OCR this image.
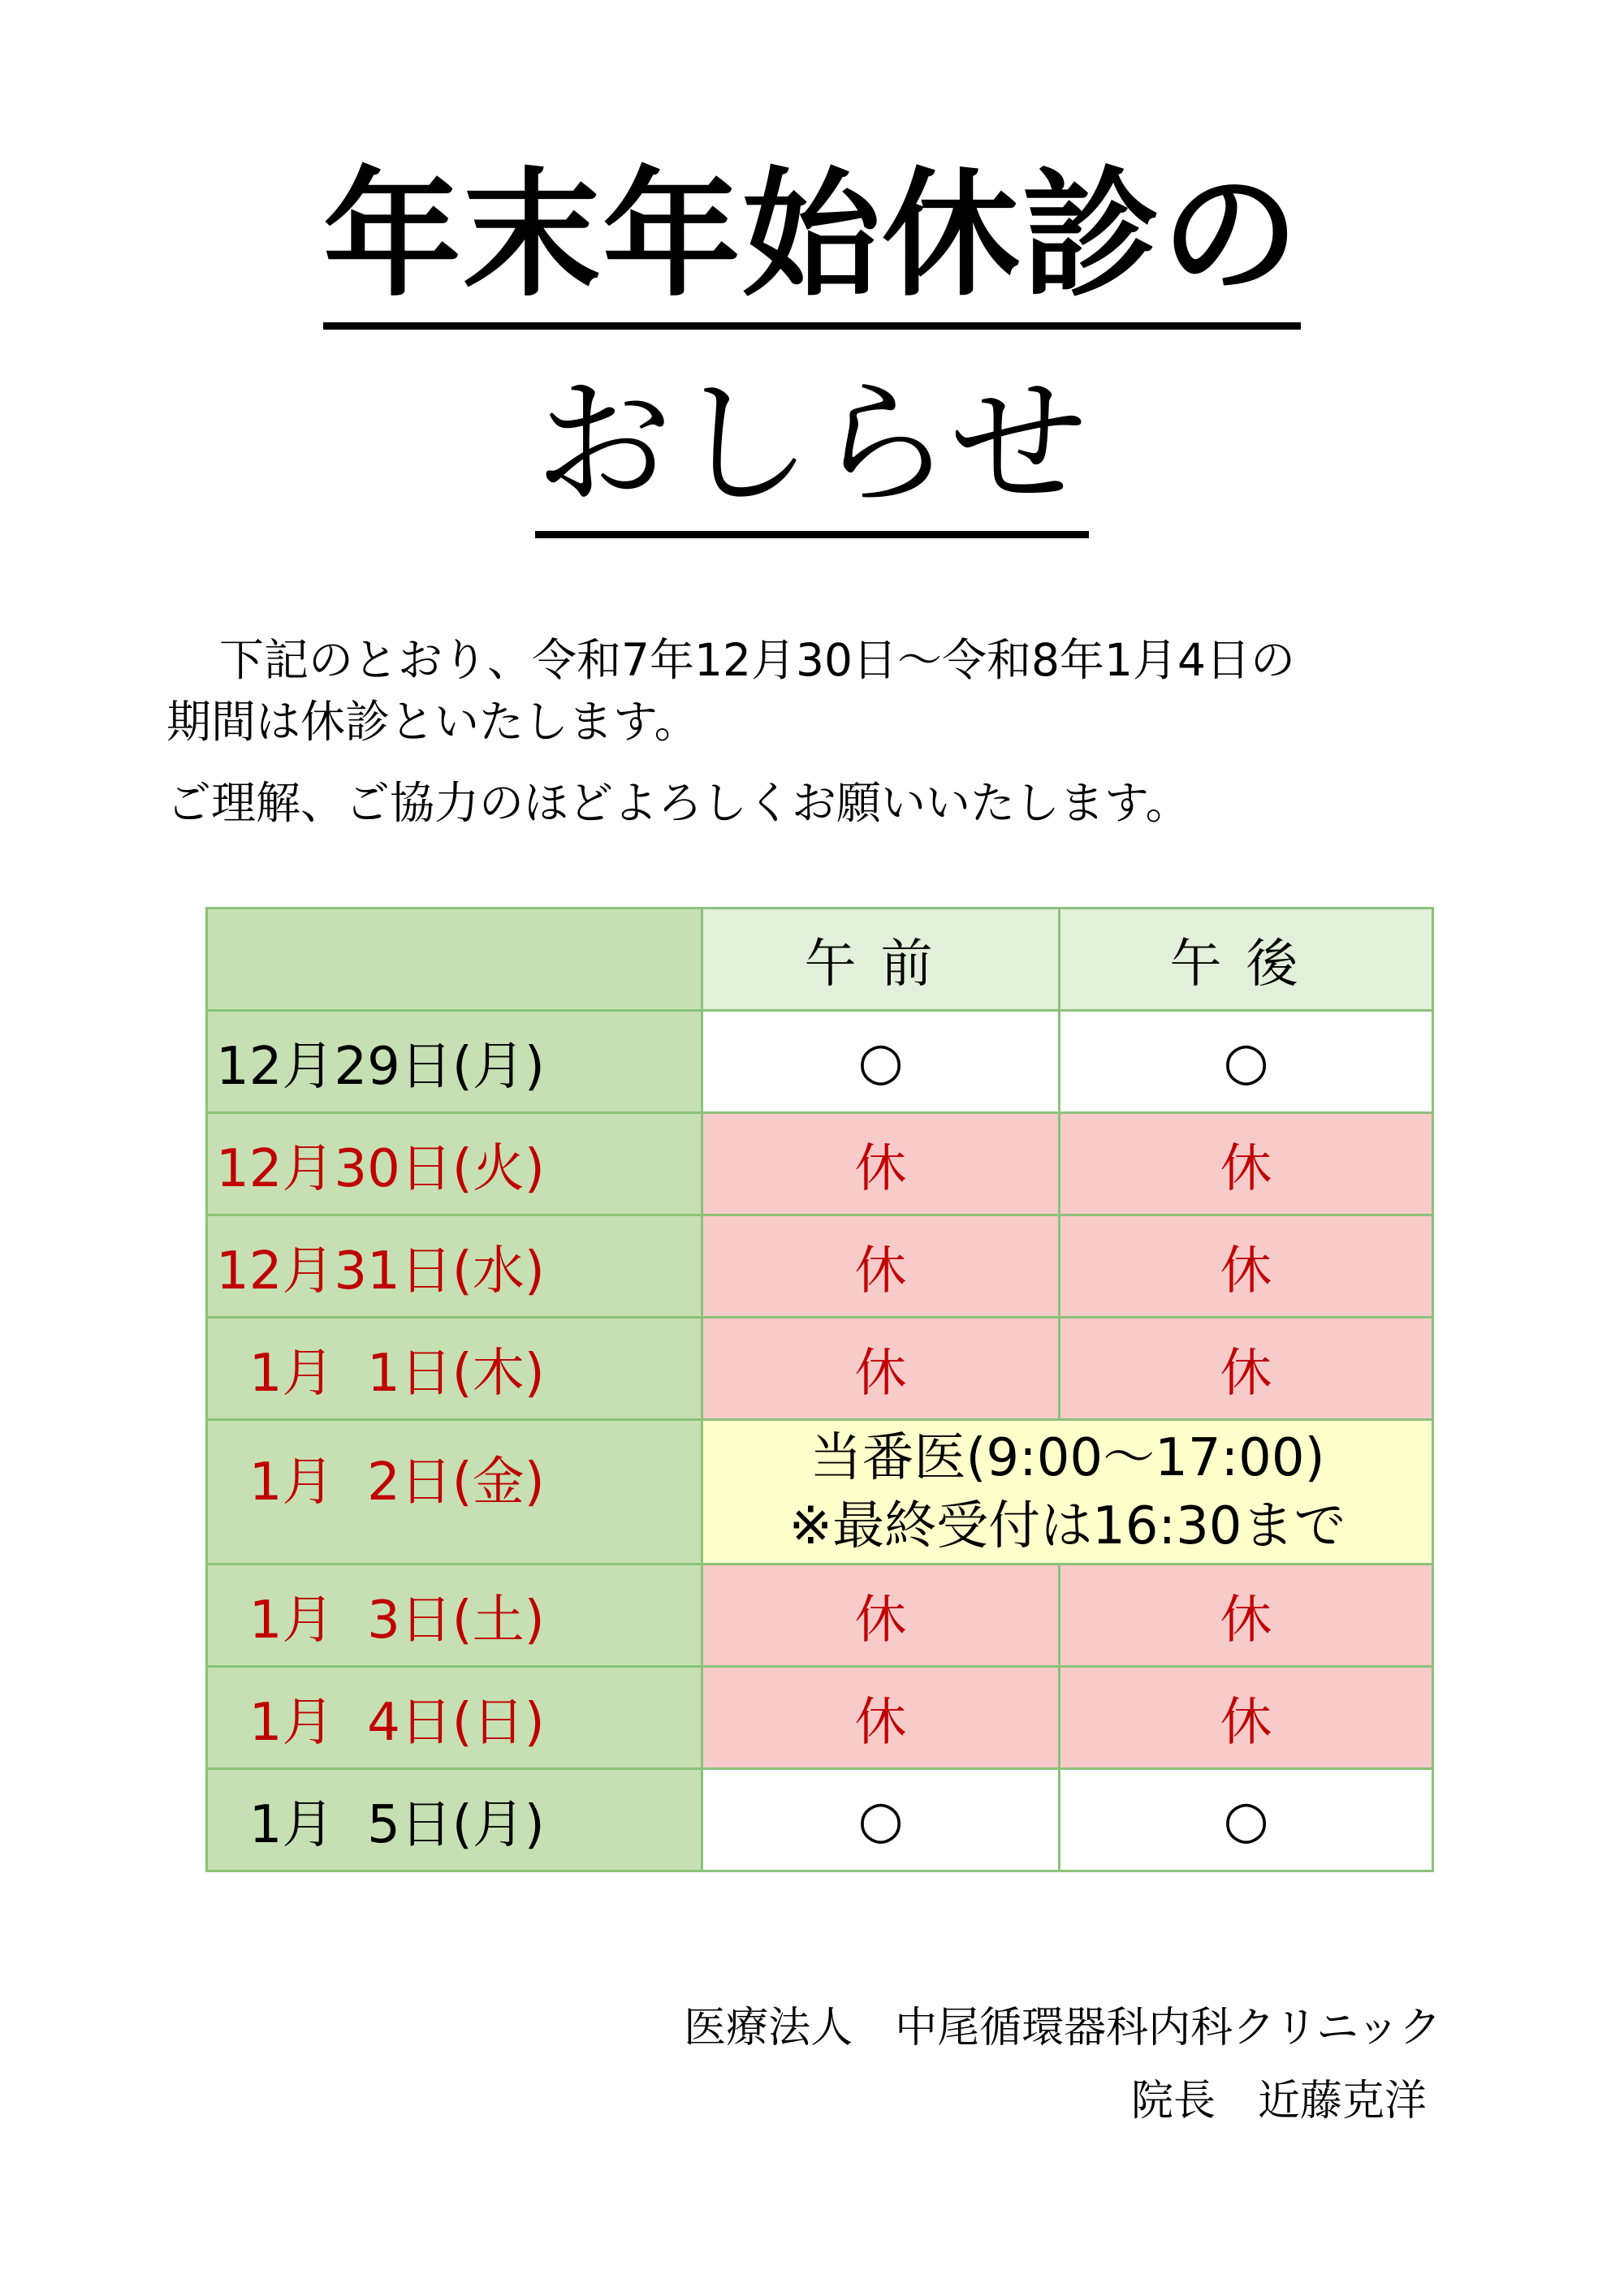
年末年始休診の
おしらせ
下記のとおり、令和7年12月30日～令和8年1月4日の
期間は休診といたします。
ご理解、ご協力のほどよろしくお願いいたします。
	午前	午後
12月29日(月)	○	○
12月30日(火)	休	休
12月31日(水)	休	休
1月  1日(木)	休	休
1月  2日(金)	当番医(9:00～17:00)
※最終受付は16:30まで	

1月  3日(土)	休	休
1月  4日(日)	休	休
1月  5日(月)	○	○
医療法人　中尾循環器科内科クリニック
院長　近藤克洋
